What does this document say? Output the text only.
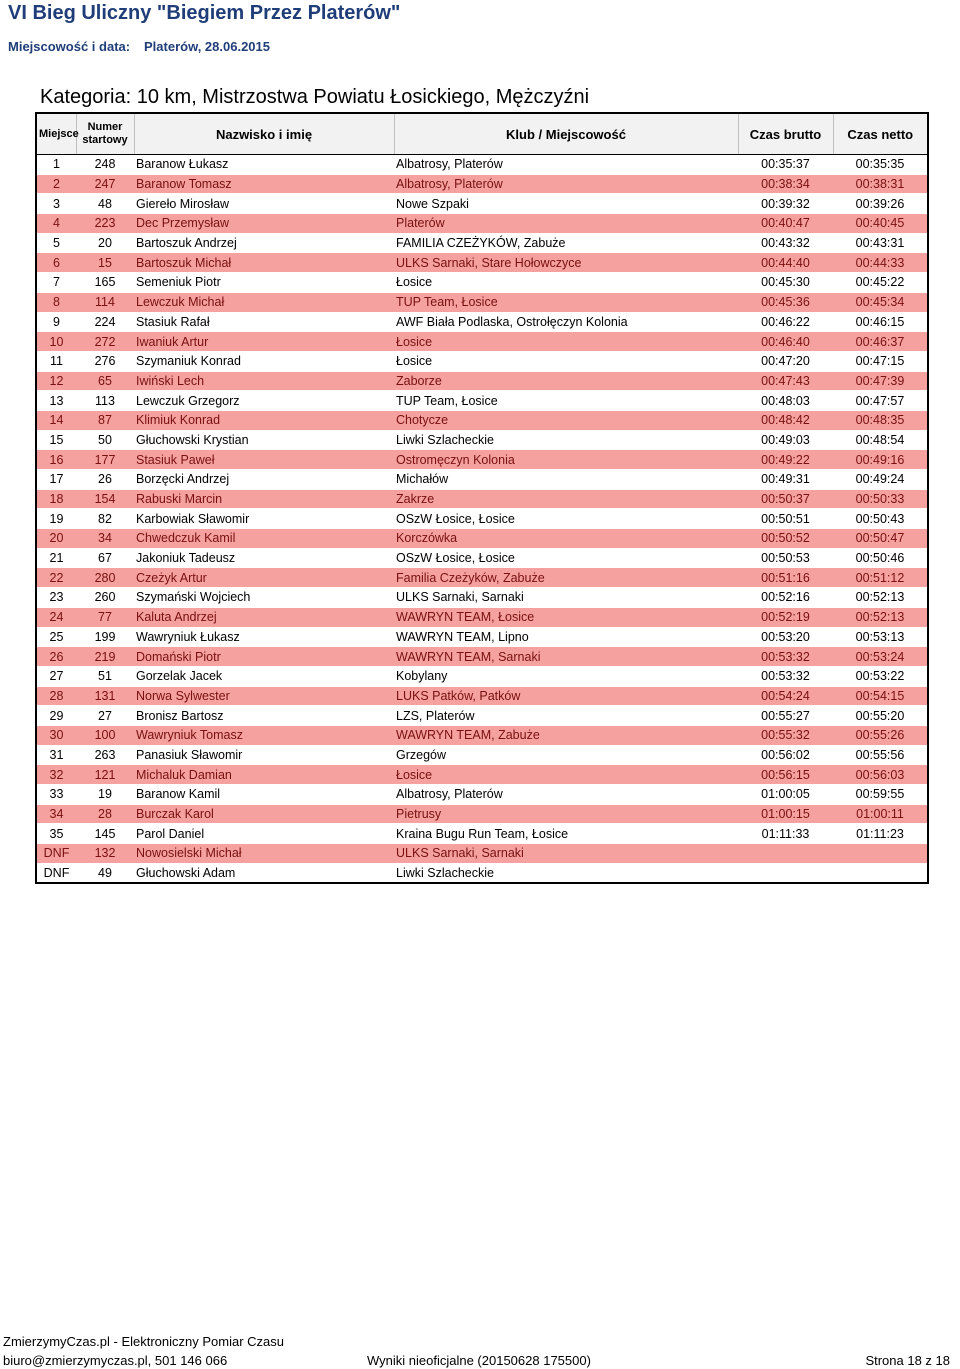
VI Bieg Uliczny "Biegiem Przez Platerów"
Miejscowość i data: Platerów, 28.06.2015
Kategoria: 10 km, Mistrzostwa Powiatu Łosickiego, Mężczyźni
Miejsce	Numer
startowy	Nazwisko i imię	Klub / Miejscowość	Czas brutto	Czas netto
1	248	Baranow Łukasz	Albatrosy, Platerów	00:35:37	00:35:35
2	247	Baranow Tomasz	Albatrosy, Platerów	00:38:34	00:38:31
3	48	Giereło Mirosław	Nowe Szpaki	00:39:32	00:39:26
4	223	Dec Przemysław	Platerów	00:40:47	00:40:45
5	20	Bartoszuk Andrzej	FAMILIA CZEŻYKÓW, Zabuże	00:43:32	00:43:31
6	15	Bartoszuk Michał	ULKS Sarnaki, Stare Hołowczyce	00:44:40	00:44:33
7	165	Semeniuk Piotr	Łosice	00:45:30	00:45:22
8	114	Lewczuk Michał	TUP Team, Łosice	00:45:36	00:45:34
9	224	Stasiuk Rafał	AWF Biała Podlaska, Ostrołęczyn Kolonia	00:46:22	00:46:15
10	272	Iwaniuk Artur	Łosice	00:46:40	00:46:37
11	276	Szymaniuk Konrad	Łosice	00:47:20	00:47:15
12	65	Iwiński Lech	Zaborze	00:47:43	00:47:39
13	113	Lewczuk Grzegorz	TUP Team, Łosice	00:48:03	00:47:57
14	87	Klimiuk Konrad	Chotycze	00:48:42	00:48:35
15	50	Głuchowski Krystian	Liwki Szlacheckie	00:49:03	00:48:54
16	177	Stasiuk Paweł	Ostromęczyn Kolonia	00:49:22	00:49:16
17	26	Borzęcki Andrzej	Michałów	00:49:31	00:49:24
18	154	Rabuski Marcin	Zakrze	00:50:37	00:50:33
19	82	Karbowiak Sławomir	OSzW Łosice, Łosice	00:50:51	00:50:43
20	34	Chwedczuk Kamil	Korczówka	00:50:52	00:50:47
21	67	Jakoniuk Tadeusz	OSzW Łosice, Łosice	00:50:53	00:50:46
22	280	Czeżyk Artur	Familia Czeżyków, Zabuże	00:51:16	00:51:12
23	260	Szymański Wojciech	ULKS Sarnaki, Sarnaki	00:52:16	00:52:13
24	77	Kaluta Andrzej	WAWRYN TEAM, Łosice	00:52:19	00:52:13
25	199	Wawryniuk Łukasz	WAWRYN TEAM, Lipno	00:53:20	00:53:13
26	219	Domański Piotr	WAWRYN TEAM, Sarnaki	00:53:32	00:53:24
27	51	Gorzelak Jacek	Kobylany	00:53:32	00:53:22
28	131	Norwa Sylwester	LUKS Patków, Patków	00:54:24	00:54:15
29	27	Bronisz Bartosz	LZS, Platerów	00:55:27	00:55:20
30	100	Wawryniuk Tomasz	WAWRYN TEAM, Zabuże	00:55:32	00:55:26
31	263	Panasiuk Sławomir	Grzegów	00:56:02	00:55:56
32	121	Michaluk Damian	Łosice	00:56:15	00:56:03
33	19	Baranow Kamil	Albatrosy, Platerów	01:00:05	00:59:55
34	28	Burczak Karol	Pietrusy	01:00:15	01:00:11
35	145	Parol Daniel	Kraina Bugu Run Team, Łosice	01:11:33	01:11:23
DNF	132	Nowosielski Michał	ULKS Sarnaki, Sarnaki		
DNF	49	Głuchowski Adam	Liwki Szlacheckie		
ZmierzymyCzas.pl - Elektroniczny Pomiar Czasu
biuro@zmierzymyczas.pl, 501 146 066	Wyniki nieoficjalne (20150628 175500)	Strona 18 z 18
